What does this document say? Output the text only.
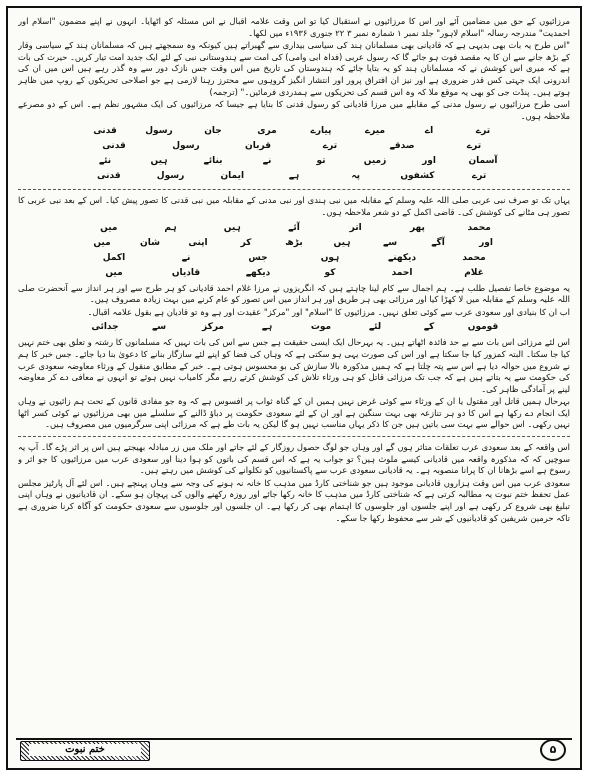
مرزائیوں کے حق میں مضامین آئے اور اس کا مرزائیوں نے استقبال کیا تو اس وقت علامہ اقبال نے اس مسئلہ کو اٹھایا۔ انہوں نے اپنے مضمون "اسلام اور احمدیت" مندرجہ رسالہ "اسلام لاہور" جلد نمبر ۱ شمارہ نمبر ۳ ۲۲ جنوری ۱۹۳۶ء میں لکھا۔

"اس طرح یہ بات بھی بدیہی ہے کہ قادیانی بھی مسلمانان ہند کی سیاسی بیداری سے گھبراتے ہیں کیونکہ وہ سمجھتے ہیں کہ مسلمانان ہند کے سیاسی وقار کے بڑھ جانے سے ان کا یہ مقصد فوت ہو جائے گا کہ رسول عربی (فداہ ابی وامی) کی امت سے ہندوستانی نبی کے لئے ایک جدید امت تیار کریں۔ حیرت کی بات ہے کہ میری اس کوشش نے کہ مسلمانان ہند کو یہ بتایا جائے کہ ہندوستان کی تاریخ میں اس وقت جس نازک دور سے وہ گذر رہے ہیں اس میں ان کی اندرونی ایک جہتی کس قدر ضروری ہے اور نیز ان افتراق پرور اور انتشار انگیز گروہوں سے محترز رہنا لازمی ہے جو اصلاحی تحریکوں کے روپ میں ظاہر ہوتے ہیں۔ پنڈت جی کو بھی یہ موقع ملا کہ وہ اس قسم کی تحریکوں سے ہمدردی فرمائیں۔" (ترجمہ)

اسی طرح مرزائیوں نے رسول مدنی کے مقابلے میں مرزا قادیانی کو رسول قدنی کا بنایا ہے جیسا کہ مرزائیوں کی ایک مشہور نظم ہے۔ اس کے دو مصرعے ملاحظہ ہوں۔

ترے
اے
میرے
پیارے
مری
جان
رسول
قدنی
ترے
صدقے
ترے
قربان
رسول
قدنی
آسمان
اور
زمیں
تو
نے
بنائے
ہیں
نئے
ترے
کشفوں
پہ
ہے
ایمان
رسول
قدنی

یہاں تک تو صرف نبی عربی صلی اللہ علیہ وسلم کے مقابلہ میں نبی ہندی اور نبی مدنی کے مقابلہ میں نبی قدنی کا تصور پیش کیا۔ اس کے بعد نبی عربی کا تصور ہی مٹانے کی کوشش کی۔ قاضی اکمل کے دو شعر ملاحظہ ہوں۔

محمد
پھر
اتر
آئے
ہیں
ہم
میں
اور
آگے
سے
ہیں
بڑھ
کر
اپنی
شان
میں
محمد
دیکھنے
ہوں
جس
نے
اکمل
غلام
احمد
کو
دیکھے
قادیاں
میں

یہ موضوع خاصا تفصیل طلب ہے۔ ہم اجمال سے کام لینا چاہتے ہیں کہ انگریزوں نے مرزا غلام احمد قادیانی کو ہر طرح سے اور ہر انداز سے آنحضرت صلی اللہ علیہ وسلم کے مقابلہ میں لا کھڑا کیا اور مرزائی بھی ہر طریق اور ہر انداز میں اس تصور کو عام کرنے میں بہت زیادہ مصروف ہیں۔

اب ان کا بنیادی اور سعودی عرب سے کوئی تعلق نہیں۔ مرزائیوں کا "اسلام" اور "مرکز" عقیدت اور ہے وہ تو قادیان ہے بقول علامہ اقبال۔

قوموں
کے
لئے
موت
ہے
مرکز
سے
جدائی

اس لئے مرزائی اس بات سے بے حد فائدہ اٹھاتے ہیں۔ یہ بہرحال ایک ایسی حقیقت ہے جس سے اس کی بات نہیں کہ مسلمانوں کا رشتہ و تعلق بھی ختم نہیں کیا جا سکتا۔ البتہ کمزور کیا جا سکتا ہے اور اس کی صورت یہی ہو سکتی ہے کہ وہاں کی فضا کو اپنے لئے سازگار بنانے کا دعویٰ بنا دیا جائے۔ جس خبر کا ہم نے شروع میں حوالہ دیا ہے اس سے پتہ چلتا ہے کہ ہمیں مذکورہ بالا سازش کی بو محسوس ہوتی ہے۔ خبر کے مطابق منقول کے ورثاء معاوضہ سعودی عرب کی حکومت سے یہ بتاتے ہیں ہے کہ جب تک مرزائی قاتل کو ہی ورثاء تلاش کی کوشش کرتے رہے مگر کامیاب نہیں ہوئے تو انہوں نے معافی دے کر معاوضہ لینے پر آمادگی ظاہر کی۔

بہرحال ہمیں قاتل اور مقتول یا ان کے ورثاء سے کوئی غرض نہیں ہمیں ان کے گناہ ثواب پر افسوس ہے کہ وہ جو مفادی قانون کے تحت ہم زائیوں نے وہاں ایک انجام دے رکھا ہے اس کا دو ہر تنازعہ بھی بہت سنگین ہے اور ان کے لئے سعودی حکومت پر دباؤ ڈالنے کے سلسلے میں بھی مرزائیوں نے کوئی کسر اٹھا نہیں رکھی۔ اس حوالے سے بہت سی باتیں ہیں جن کا ذکر یہاں مناسب نہیں ہو گا لیکن یہ بات طے ہے کہ مرزائی اپنی سرگرمیوں میں مصروف ہیں۔

اس واقعہ کے بعد سعودی عرب تعلقات متاثر ہوں گے اور وہاں جو لوگ حصول روزگار کے لئے جاتے اور ملک میں زر مبادلہ بھیجتے ہیں اس پر اثر پڑے گا۔ آپ یہ سوچیں کہ کہ مذکورہ واقعہ میں قادیانی کیسے ملوث ہیں؟ تو جواب یہ ہے کہ اس قسم کی باتوں کو ہوا دینا اور سعودی عرب میں مرزائیوں کا جو اثر و رسوخ ہے اسے بڑھانا ان کا پرانا منصوبہ ہے۔ یہ قادیانی سعودی عرب سے پاکستانیوں کو نکلوانے کی کوشش میں رہتے ہیں۔

سعودی عرب میں اس وقت ہزاروں قادیانی موجود ہیں جو شناختی کارڈ میں مذہب کا خانہ نہ ہونے کی وجہ سے وہاں پہنچے ہیں۔ اس لئے آل پارٹیز مجلس عمل تحفظ ختم نبوت یہ مطالبہ کرتی ہے کہ شناختی کارڈ میں مذہب کا خانہ رکھا جائے اور روزہ رکھنے والوں کی پہچان ہو سکے۔ ان قادیانیوں نے وہاں اپنی تبلیغ بھی شروع کر رکھی ہے اور اپنے جلسوں اور جلوسوں کا اہتمام بھی کر رکھا ہے۔ ان جلسوں اور جلوسوں سے سعودی حکومت کو آگاہ کرنا ضروری ہے تاکہ حرمین شریفین کو قادیانیوں کے شر سے محفوظ رکھا جا سکے۔

ختم نبوت	۵
